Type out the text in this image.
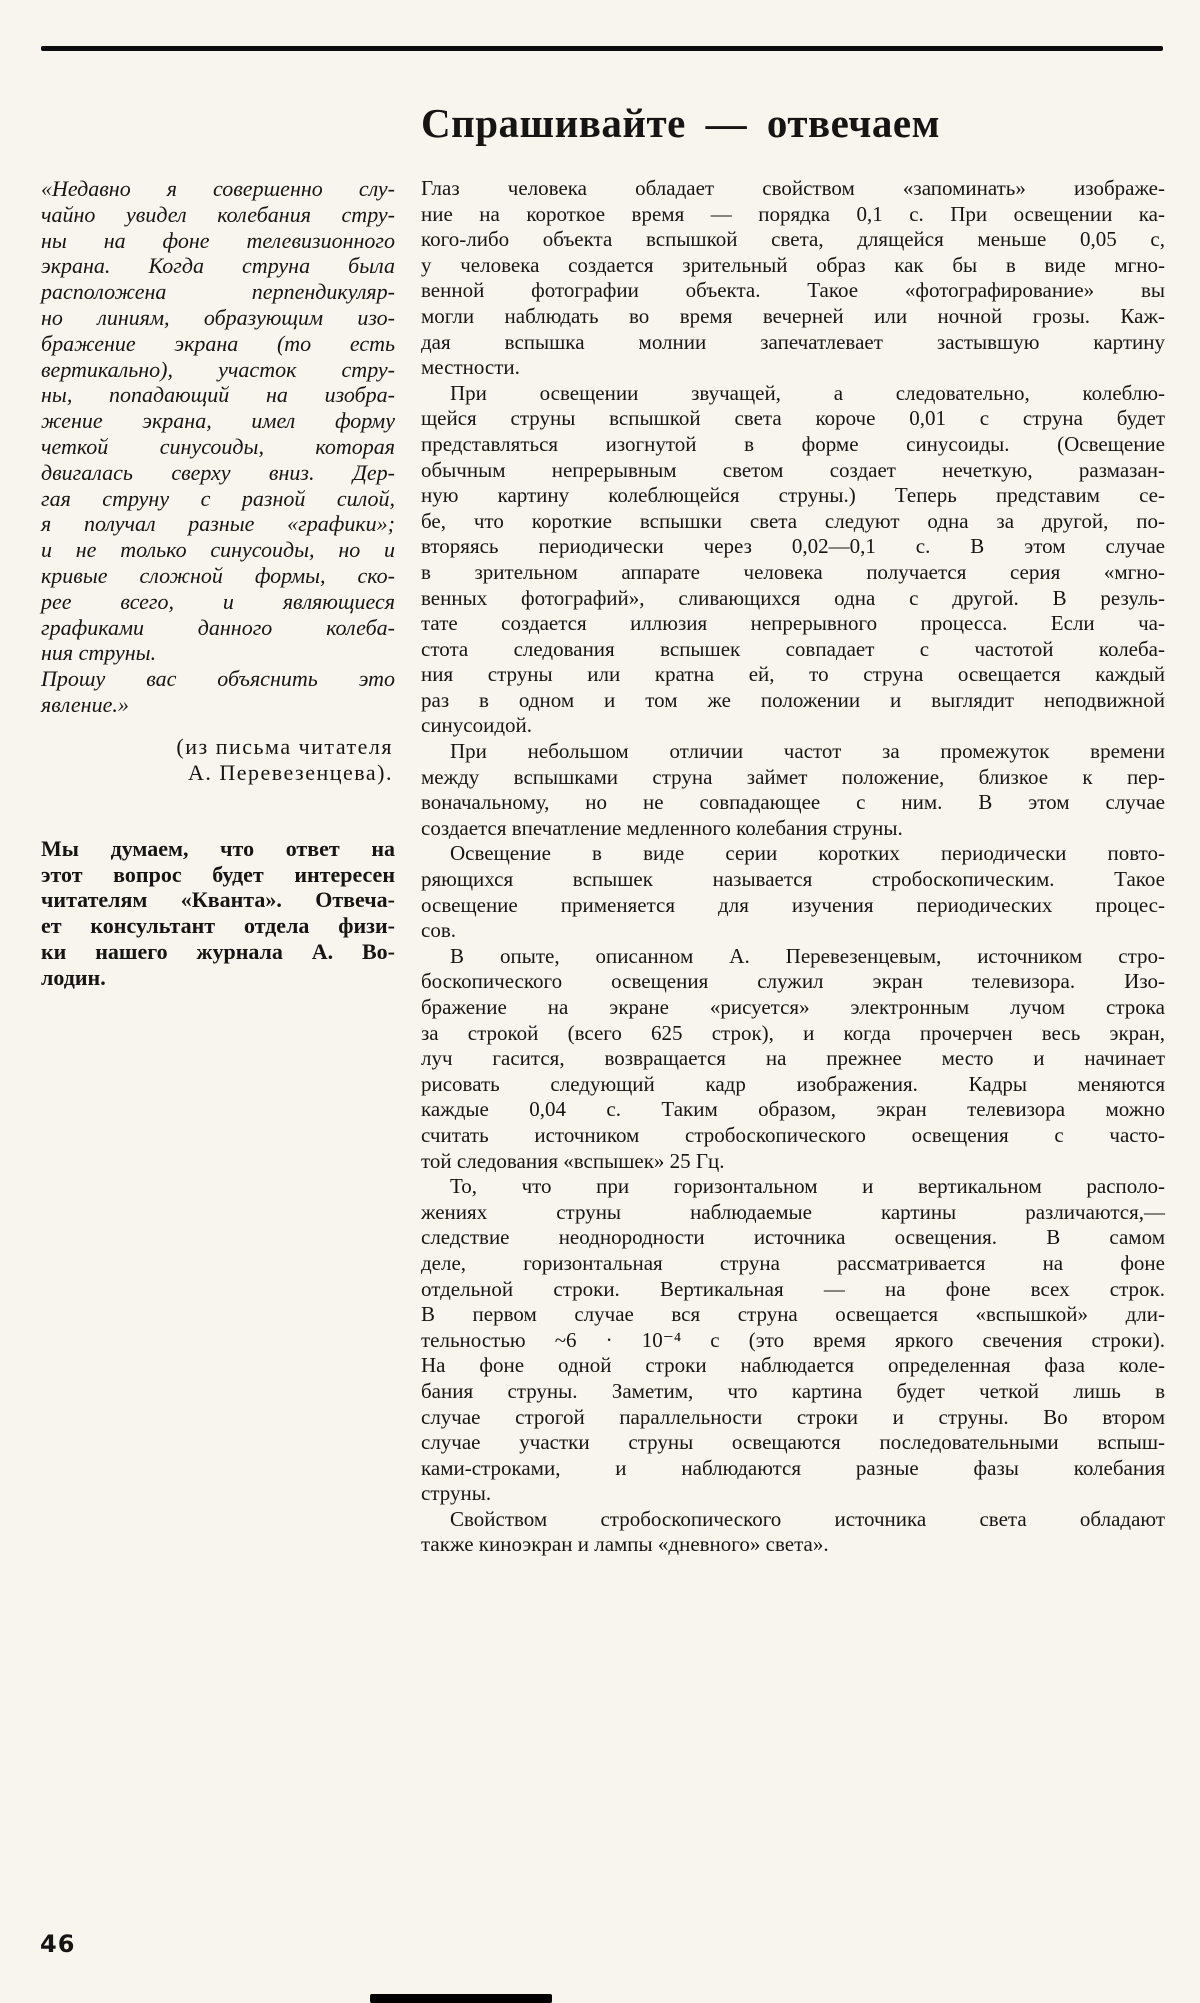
Спрашивайте — отвечаем
«Недавно я совершенно слу-
чайно увидел колебания стру-
ны на фоне телевизионного
экрана. Когда струна была
расположена перпендикуляр-
но линиям, образующим изо-
бражение экрана (то есть
вертикально), участок стру-
ны, попадающий на изобра-
жение экрана, имел форму
четкой синусоиды, которая
двигалась сверху вниз. Дер-
гая струну с разной силой,
я получал разные «графики»;
и не только синусоиды, но и
кривые сложной формы, ско-
рее всего, и являющиеся
графиками данного колеба-
ния струны.
Прошу вас объяснить это
явление.»
(из письма читателя
А. Перевезенцева).
Мы думаем, что ответ на
этот вопрос будет интересен
читателям «Кванта». Отвеча-
ет консультант отдела физи-
ки нашего журнала А. Во-
лодин.
Глаз человека обладает свойством «запоминать» изображе-
ние на короткое время — порядка 0,1 с. При освещении ка-
кого-либо объекта вспышкой света, длящейся меньше 0,05 с,
у человека создается зрительный образ как бы в виде мгно-
венной фотографии объекта. Такое «фотографирование» вы
могли наблюдать во время вечерней или ночной грозы. Каж-
дая вспышка молнии запечатлевает застывшую картину
местности.
При освещении звучащей, а следовательно, колеблю-
щейся струны вспышкой света короче 0,01 с струна будет
представляться изогнутой в форме синусоиды. (Освещение
обычным непрерывным светом создает нечеткую, размазан-
ную картину колеблющейся струны.) Теперь представим се-
бе, что короткие вспышки света следуют одна за другой, по-
вторяясь периодически через 0,02—0,1 с. В этом случае
в зрительном аппарате человека получается серия «мгно-
венных фотографий», сливающихся одна с другой. В резуль-
тате создается иллюзия непрерывного процесса. Если ча-
стота следования вспышек совпадает с частотой колеба-
ния струны или кратна ей, то струна освещается каждый
раз в одном и том же положении и выглядит неподвижной
синусоидой.
При небольшом отличии частот за промежуток времени
между вспышками струна займет положение, близкое к пер-
воначальному, но не совпадающее с ним. В этом случае
создается впечатление медленного колебания струны.
Освещение в виде серии коротких периодически повто-
ряющихся вспышек называется стробоскопическим. Такое
освещение применяется для изучения периодических процес-
сов.
В опыте, описанном А. Перевезенцевым, источником стро-
боскопического освещения служил экран телевизора. Изо-
бражение на экране «рисуется» электронным лучом строка
за строкой (всего 625 строк), и когда прочерчен весь экран,
луч гасится, возвращается на прежнее место и начинает
рисовать следующий кадр изображения. Кадры меняются
каждые 0,04 с. Таким образом, экран телевизора можно
считать источником стробоскопического освещения с часто-
той следования «вспышек» 25 Гц.
То, что при горизонтальном и вертикальном располо-
жениях струны наблюдаемые картины различаются,—
следствие неоднородности источника освещения. В самом
деле, горизонтальная струна рассматривается на фоне
отдельной строки. Вертикальная — на фоне всех строк.
В первом случае вся струна освещается «вспышкой» дли-
тельностью ~6 · 10⁻⁴ с (это время яркого свечения строки).
На фоне одной строки наблюдается определенная фаза коле-
бания струны. Заметим, что картина будет четкой лишь в
случае строгой параллельности строки и струны. Во втором
случае участки струны освещаются последовательными вспыш-
ками-строками, и наблюдаются разные фазы колебания
струны.
Свойством стробоскопического источника света обладают
также киноэкран и лампы «дневного» света».
46
